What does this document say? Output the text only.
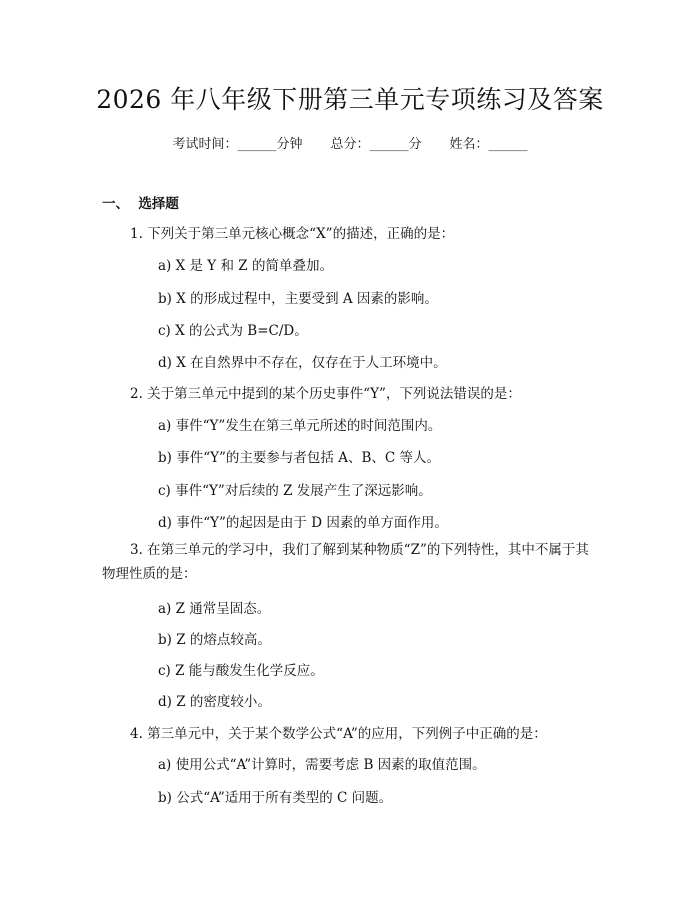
2026 年八年级下册第三单元专项练习及答案
考试时间：______分钟 总分：______分 姓名：______
一、  选择题
1. 下列关于第三单元核心概念“X”的描述，正确的是：
a) X 是 Y 和 Z 的简单叠加。
b) X 的形成过程中，主要受到 A 因素的影响。
c) X 的公式为 B=C/D。
d) X 在自然界中不存在，仅存在于人工环境中。
2. 关于第三单元中提到的某个历史事件“Y”，下列说法错误的是：
a) 事件“Y”发生在第三单元所述的时间范围内。
b) 事件“Y”的主要参与者包括 A、B、C 等人。
c) 事件“Y”对后续的 Z 发展产生了深远影响。
d) 事件“Y”的起因是由于 D 因素的单方面作用。
3. 在第三单元的学习中，我们了解到某种物质“Z”的下列特性，其中不属于其物理性质的是：
a) Z 通常呈固态。
b) Z 的熔点较高。
c) Z 能与酸发生化学反应。
d) Z 的密度较小。
4. 第三单元中，关于某个数学公式“A”的应用，下列例子中正确的是：
a) 使用公式“A”计算时，需要考虑 B 因素的取值范围。
b) 公式“A”适用于所有类型的 C 问题。
